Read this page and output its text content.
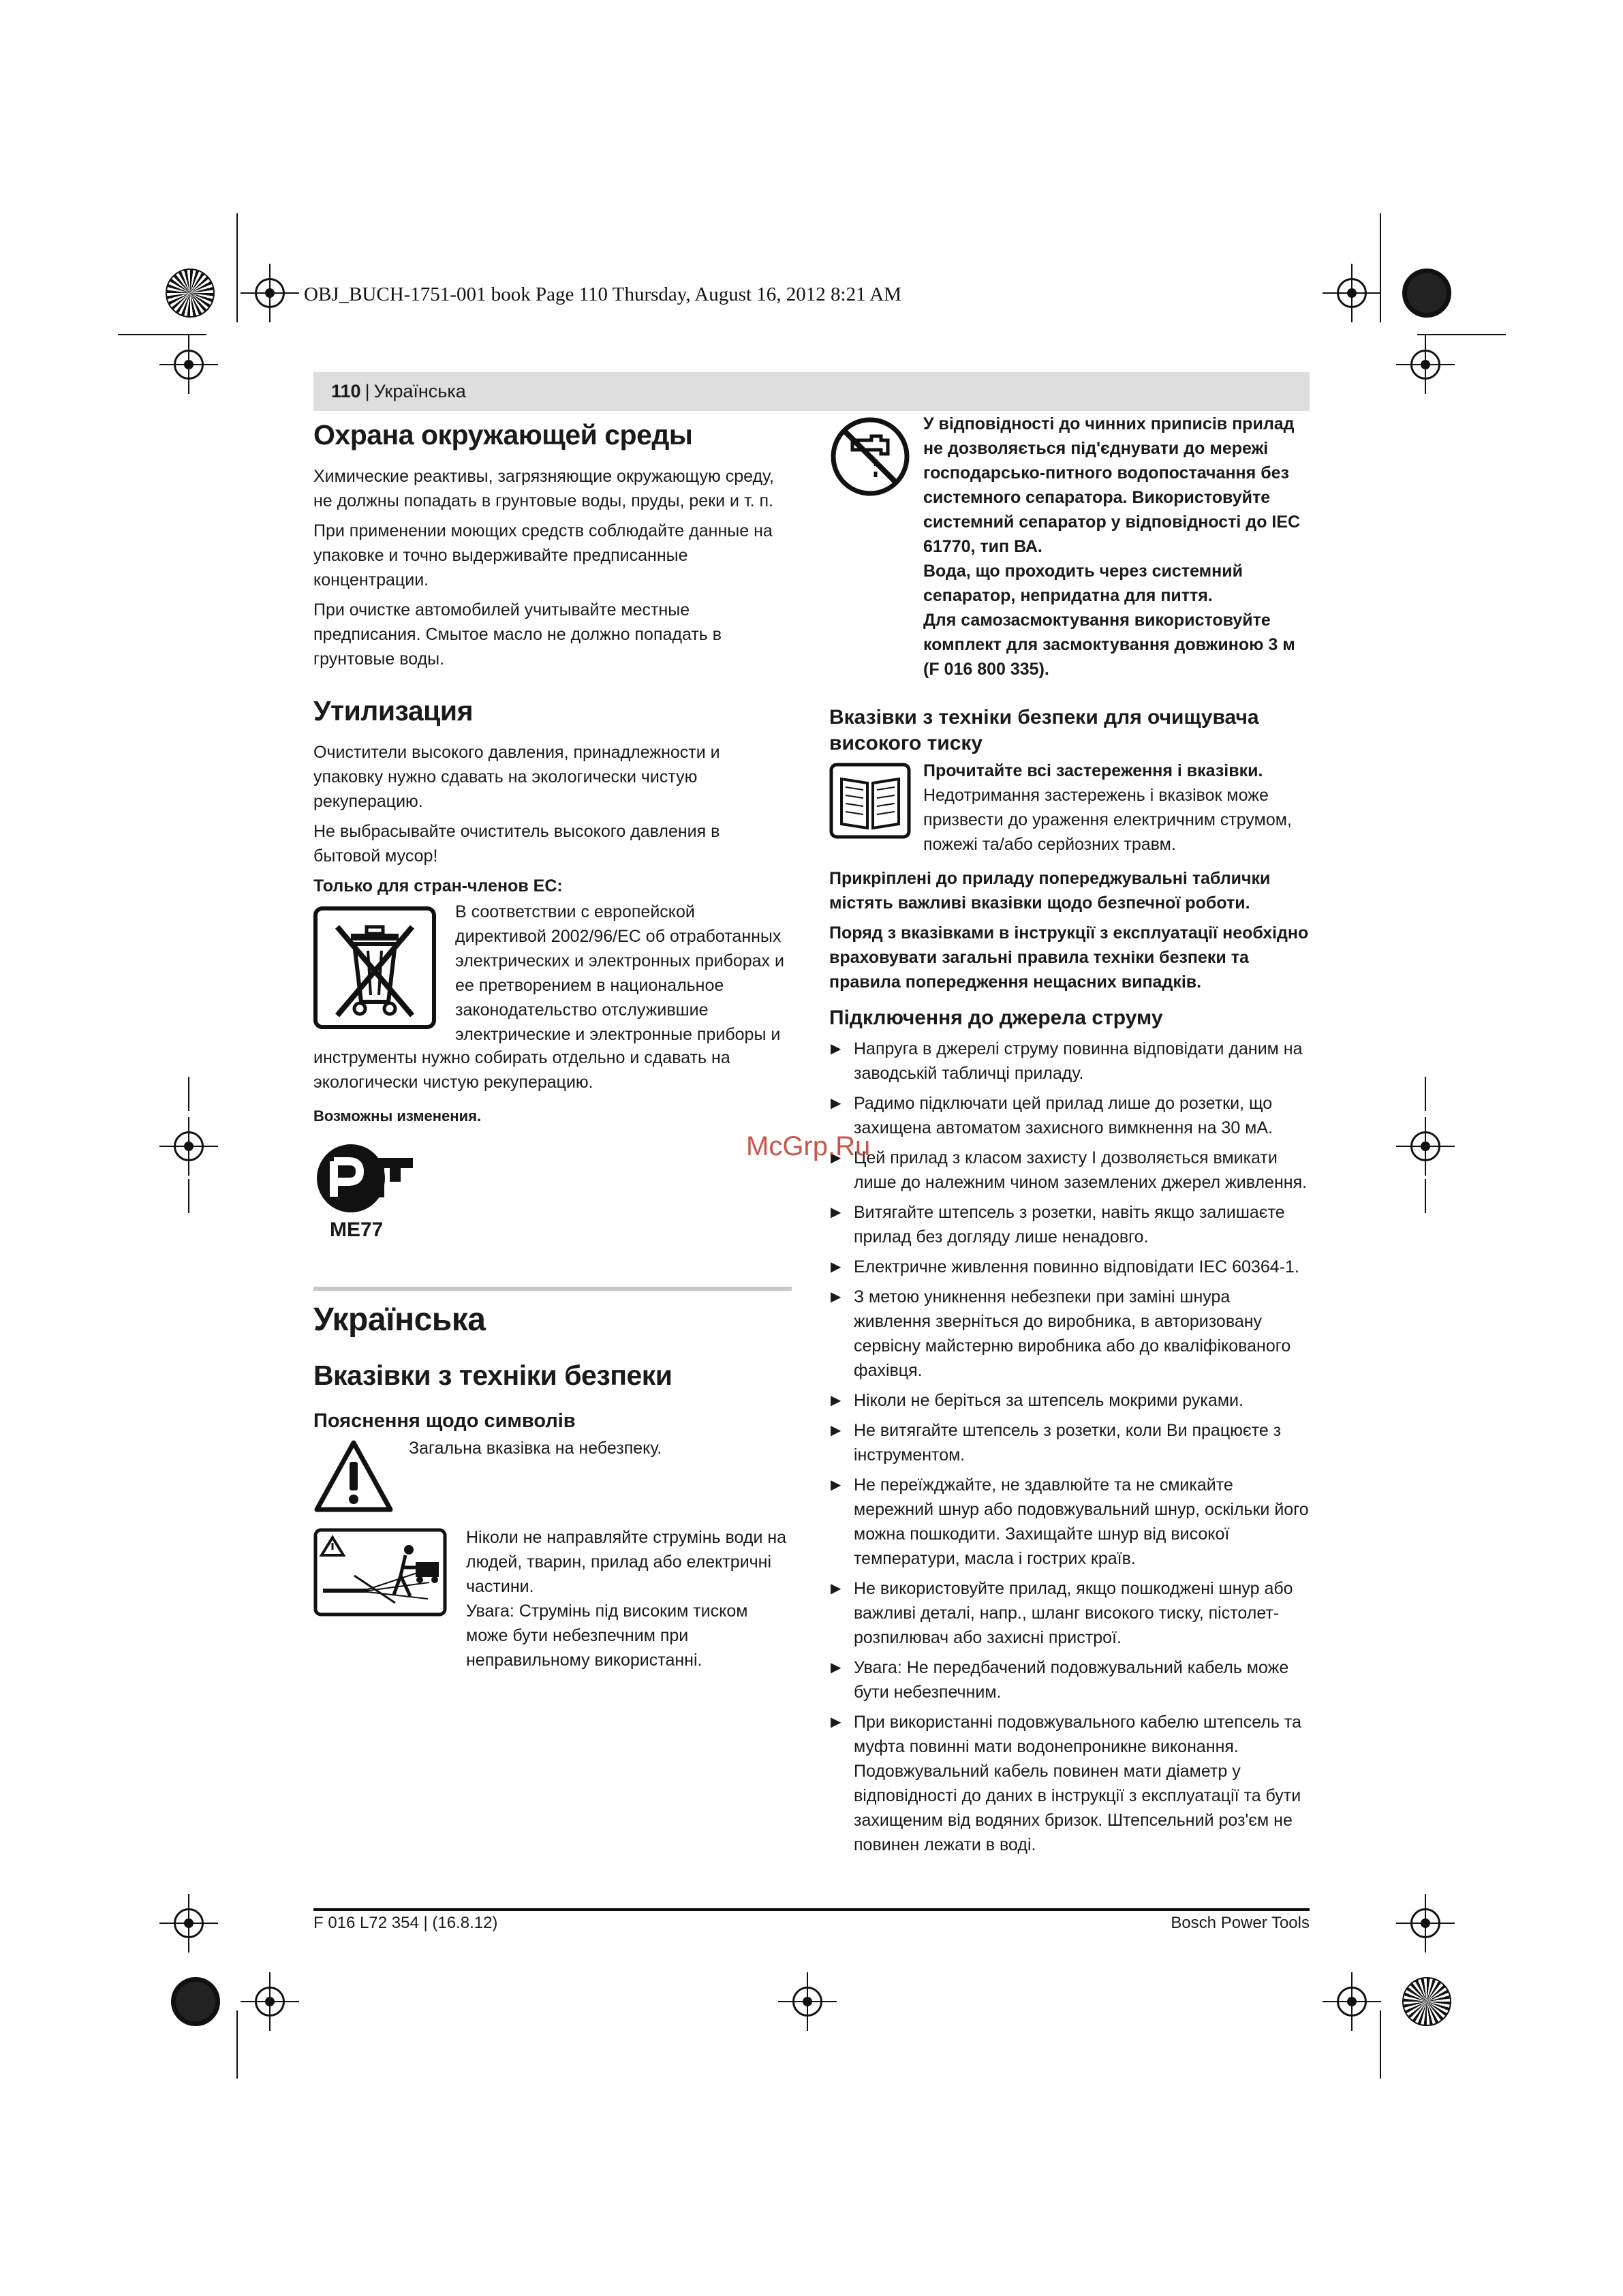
OBJ_BUCH-1751-001 book Page 110 Thursday, August 16, 2012 8:21 AM
110 | Українська
Охрана окружающей среды

Химические реактивы, загрязняющие окружающую среду, не должны попадать в грунтовые воды, пруды, реки и т. п.

При применении моющих средств соблюдайте данные на упаковке и точно выдерживайте предписанные концентрации.

При очистке автомобилей учитывайте местные предписания. Смытое масло не должно попадать в грунтовые воды.

Утилизация

Очистители высокого давления, принадлежности и упаковку нужно сдавать на экологически чистую рекуперацию.

Не выбрасывайте очиститель высокого давления в бытовой мусор!

Только для стран-членов ЕС:

В соответствии с европейской директивой 2002/96/ЕС об отработанных электрических и электронных приборах и ее претворением в национальное законодательство отслужившие электрические и электронные приборы и

инструменты нужно собирать отдельно и сдавать на экологически чистую рекуперацию.

Возможны изменения.

ME77
Українська
Вказівки з техніки безпеки
Пояснення щодо символів

Загальна вказівка на небезпеку.

Ніколи не направляйте струмінь води на людей, тварин, прилад або електричні частини.

Увага: Струмінь під високим тиском може бути небезпечним при неправильному використанні.

У відповідності до чинних приписів прилад не дозволяється під'єднувати до мережі господарсько-питного водопостачання без системного сепаратора. Використовуйте системний сепаратор у відповідності до IEC 61770, тип ВА.

Вода, що проходить через системний сепаратор, непридатна для пиття.

Для самозасмоктування використовуйте комплект для засмоктування довжиною 3 м (F 016 800 335).

Вказівки з техніки безпеки для очищувача високого тиску

Прочитайте всі застереження і вказівки.

Недотримання застережень і вказівок може призвести до ураження електричним струмом, пожежі та/або серйозних травм.

Прикріплені до приладу попереджувальні таблички містять важливі вказівки щодо безпечної роботи.

Поряд з вказівками в інструкції з експлуатації необхідно враховувати загальні правила техніки безпеки та правила попередження нещасних випадків.

Підключення до джерела струму
▶ Напруга в джерелі струму повинна відповідати даним на заводській табличці приладу.
▶ Радимо підключати цей прилад лише до розетки, що захищена автоматом захисного вимкнення на 30 мА.
▶ Цей прилад з класом захисту I дозволяється вмикати лише до належним чином заземлених джерел живлення.
▶ Витягайте штепсель з розетки, навіть якщо залишаєте прилад без догляду лише ненадовго.
▶ Електричне живлення повинно відповідати IEC 60364-1.
▶ З метою уникнення небезпеки при заміні шнура живлення зверніться до виробника, в авторизовану сервісну майстерню виробника або до кваліфікованого фахівця.
▶ Ніколи не беріться за штепсель мокрими руками.
▶ Не витягайте штепсель з розетки, коли Ви працюєте з інструментом.
▶ Не переїжджайте, не здавлюйте та не смикайте мережний шнур або подовжувальний шнур, оскільки його можна пошкодити. Захищайте шнур від високої температури, масла і гострих країв.
▶ Не використовуйте прилад, якщо пошкоджені шнур або важливі деталі, напр., шланг високого тиску, пістолет-розпилювач або захисні пристрої.
▶ Увага: Не передбачений подовжувальний кабель може бути небезпечним.
▶ При використанні подовжувального кабелю штепсель та муфта повинні мати водонепроникне виконання. Подовжувальний кабель повинен мати діаметр у відповідності до даних в інструкції з експлуатації та бути захищеним від водяних бризок. Штепсельний роз'єм не повинен лежати в воді.
McGrp.Ru
F 016 L72 354 | (16.8.12)	Bosch Power Tools
